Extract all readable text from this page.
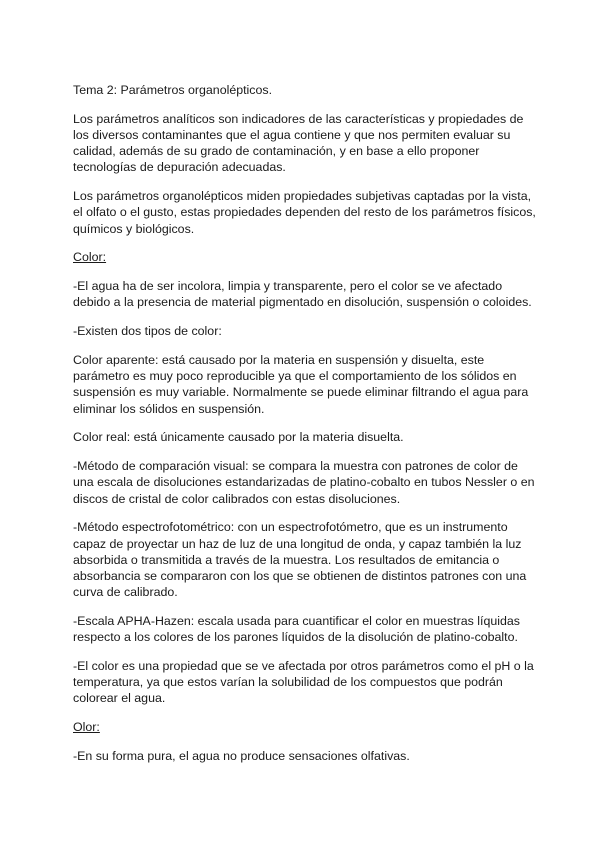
Tema 2: Parámetros organolépticos.
Los parámetros analíticos son indicadores de las características y propiedades de
los diversos contaminantes que el agua contiene y que nos permiten evaluar su
calidad, además de su grado de contaminación, y en base a ello proponer
tecnologías de depuración adecuadas.
Los parámetros organolépticos miden propiedades subjetivas captadas por la vista,
el olfato o el gusto, estas propiedades dependen del resto de los parámetros físicos,
químicos y biológicos.
Color:
-El agua ha de ser incolora, limpia y transparente, pero el color se ve afectado
debido a la presencia de material pigmentado en disolución, suspensión o coloides.
-Existen dos tipos de color:
Color aparente: está causado por la materia en suspensión y disuelta, este
parámetro es muy poco reproducible ya que el comportamiento de los sólidos en
suspensión es muy variable. Normalmente se puede eliminar filtrando el agua para
eliminar los sólidos en suspensión.
Color real: está únicamente causado por la materia disuelta.
-Método de comparación visual: se compara la muestra con patrones de color de
una escala de disoluciones estandarizadas de platino-cobalto en tubos Nessler o en
discos de cristal de color calibrados con estas disoluciones.
-Método espectrofotométrico: con un espectrofotómetro, que es un instrumento
capaz de proyectar un haz de luz de una longitud de onda, y capaz también la luz
absorbida o transmitida a través de la muestra. Los resultados de emitancia o
absorbancia se compararon con los que se obtienen de distintos patrones con una
curva de calibrado.
-Escala APHA-Hazen: escala usada para cuantificar el color en muestras líquidas
respecto a los colores de los parones líquidos de la disolución de platino-cobalto.
-El color es una propiedad que se ve afectada por otros parámetros como el pH o la
temperatura, ya que estos varían la solubilidad de los compuestos que podrán
colorear el agua.
Olor:
-En su forma pura, el agua no produce sensaciones olfativas.
